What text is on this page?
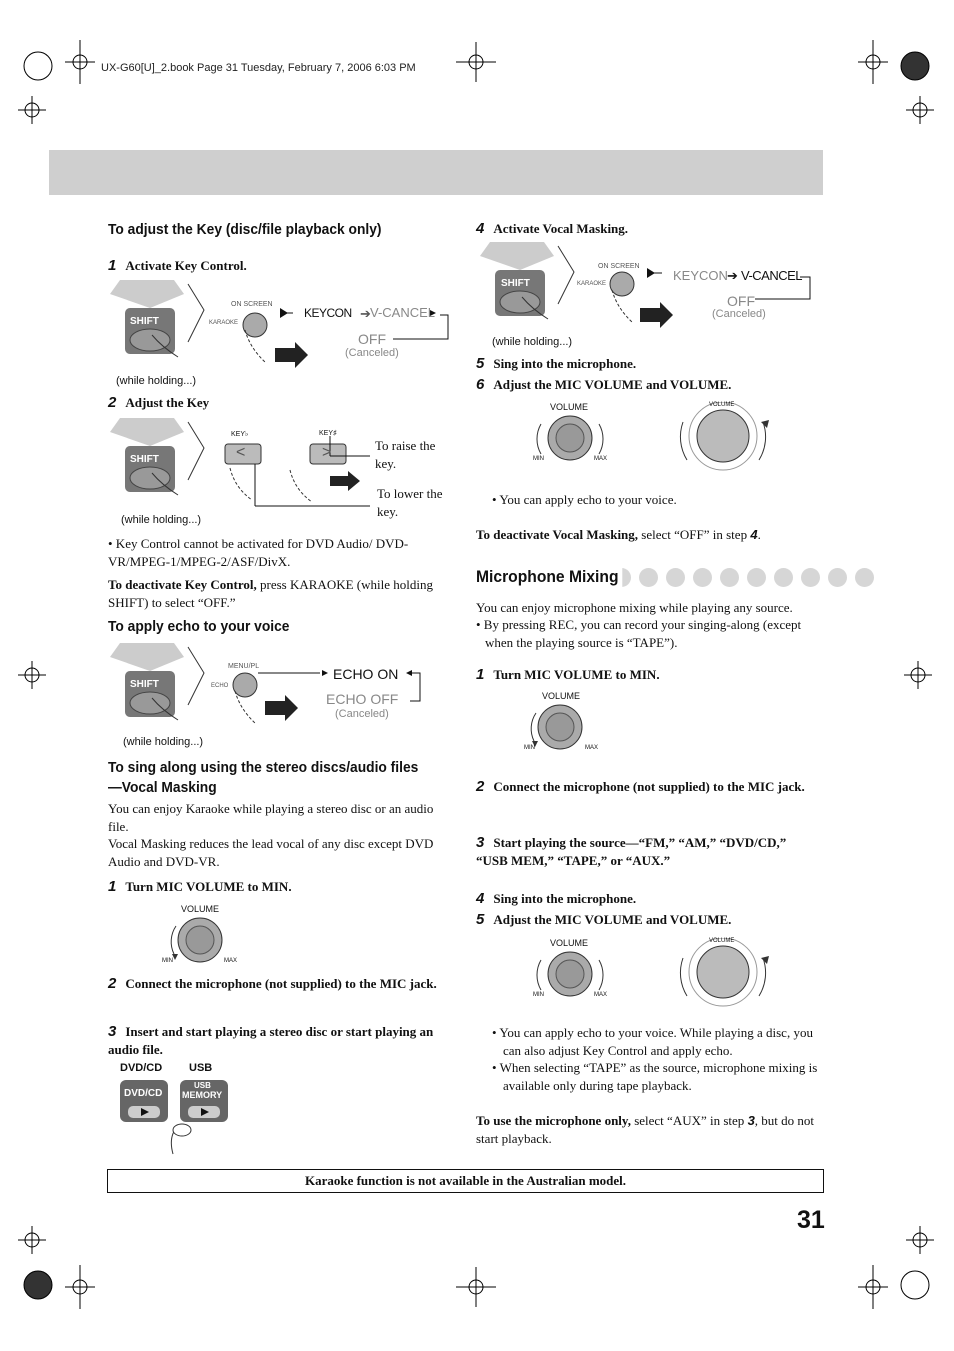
UX-G60[U]_2.book Page 31 Tuesday, February 7, 2006 6:03 PM
To adjust the Key (disc/file playback only)
1 Activate Key Control.
ON SCREEN
KARAOKE
SHIFT
KEYCON ➔ V-CANCEL
OFF
(Canceled)
(while holding...)
2 Adjust the Key
KEY♭	KEY♯
<	>
SHIFT
To raise the key.
To lower the key.
(while holding...)
• Key Control cannot be activated for DVD Audio/ DVD-VR/MPEG-1/MPEG-2/ASF/DivX.
To deactivate Key Control, press KARAOKE (while holding SHIFT) to select “OFF.”
To apply echo to your voice
MENU/PL
ECHO
SHIFT
ECHO ON
ECHO OFF
(Canceled)
(while holding...)
To sing along using the stereo discs/audio files
—Vocal Masking
You can enjoy Karaoke while playing a stereo disc or an audio file.
Vocal Masking reduces the lead vocal of any disc except DVD Audio and DVD-VR.
1 Turn MIC VOLUME to MIN.
VOLUME
MIN	MAX
2 Connect the microphone (not supplied) to the MIC jack.
3 Insert and start playing a stereo disc or start playing an audio file.
DVD/CD USB
DVD/CD
USB
MEMORY
4 Activate Vocal Masking.
ON SCREEN
KARAOKE
SHIFT
KEYCON ➔ V-CANCEL
OFF
(Canceled)
(while holding...)
5 Sing into the microphone.
6 Adjust the MIC VOLUME and VOLUME.
VOLUME
MIN	MAX
VOLUME
• You can apply echo to your voice.
To deactivate Vocal Masking, select “OFF” in step 4.
Microphone Mixing
You can enjoy microphone mixing while playing any source.
• By pressing REC, you can record your singing-along (except when the playing source is “TAPE”).
1 Turn MIC VOLUME to MIN.
VOLUME
MIN	MAX
2 Connect the microphone (not supplied) to the MIC jack.
3 Start playing the source—“FM,” “AM,” “DVD/CD,” “USB MEM,” “TAPE,” or “AUX.”
4 Sing into the microphone.
5 Adjust the MIC VOLUME and VOLUME.
VOLUME
MIN	MAX
VOLUME
• You can apply echo to your voice. While playing a disc, you can also adjust Key Control and apply echo.
• When selecting “TAPE” as the source, microphone mixing is available only during tape playback.
To use the microphone only, select “AUX” in step 3, but do not start playback.
Karaoke function is not available in the Australian model.
31
